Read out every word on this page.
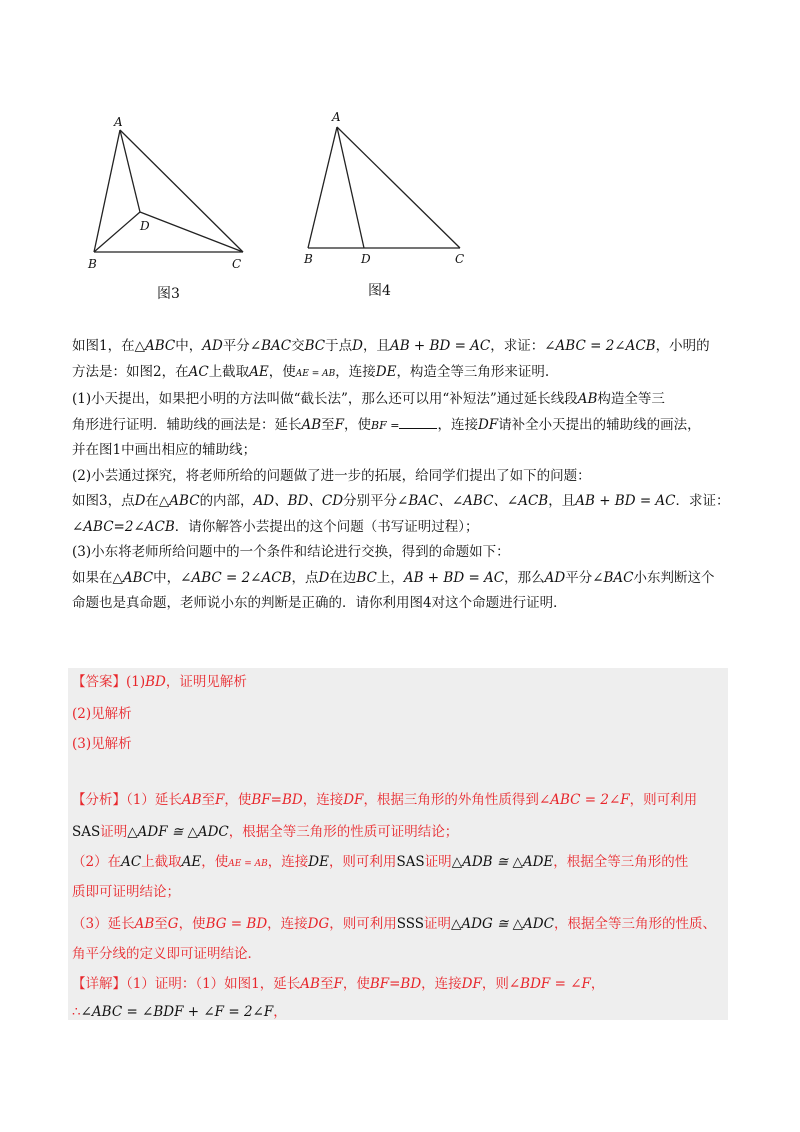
A
B	C
D
A
B	D	C
图3	图4

如图1，在△ABC中，AD平分∠BAC交BC于点D，且AB + BD = AC，求证：∠ABC = 2∠ACB，小明的

方法是：如图2，在AC上截取AE，使AE = AB，连接DE，构造全等三角形来证明.

(1)小天提出，如果把小明的方法叫做“截长法”，那么还可以用“补短法”通过延长线段AB构造全等三

角形进行证明．辅助线的画法是：延长AB至F，使BF =	，连接DF请补全小天提出的辅助线的画法，

并在图1中画出相应的辅助线；

(2)小芸通过探究，将老师所给的问题做了进一步的拓展，给同学们提出了如下的问题：

如图3，点D在△ABC的内部，AD、BD、CD分别平分∠BAC、∠ABC、∠ACB，且AB + BD = AC．求证：

∠ABC=2∠ACB．请你解答小芸提出的这个问题（书写证明过程）；

(3)小东将老师所给问题中的一个条件和结论进行交换，得到的命题如下：

如果在△ABC中，∠ABC = 2∠ACB，点D在边BC上，AB + BD = AC，那么AD平分∠BAC小东判断这个

命题也是真命题，老师说小东的判断是正确的．请你利用图4对这个命题进行证明．

【答案】(1)BD，证明见解析

(2)见解析

(3)见解析

【分析】（1）延长AB至F，使BF=BD，连接DF，根据三角形的外角性质得到∠ABC = 2∠F，则可利用

SAS证明△ADF ≅ △ADC，根据全等三角形的性质可证明结论；

（2）在AC上截取AE，使AE = AB，连接DE，则可利用SAS证明△ADB ≅ △ADE，根据全等三角形的性

质即可证明结论；

（3）延长AB至G，使BG = BD，连接DG，则可利用SSS证明△ADG ≅ △ADC，根据全等三角形的性质、

角平分线的定义即可证明结论．

【详解】（1）证明：（1）如图1，延长AB至F，使BF=BD，连接DF，则∠BDF = ∠F，

∴∠ABC = ∠BDF + ∠F = 2∠F，
